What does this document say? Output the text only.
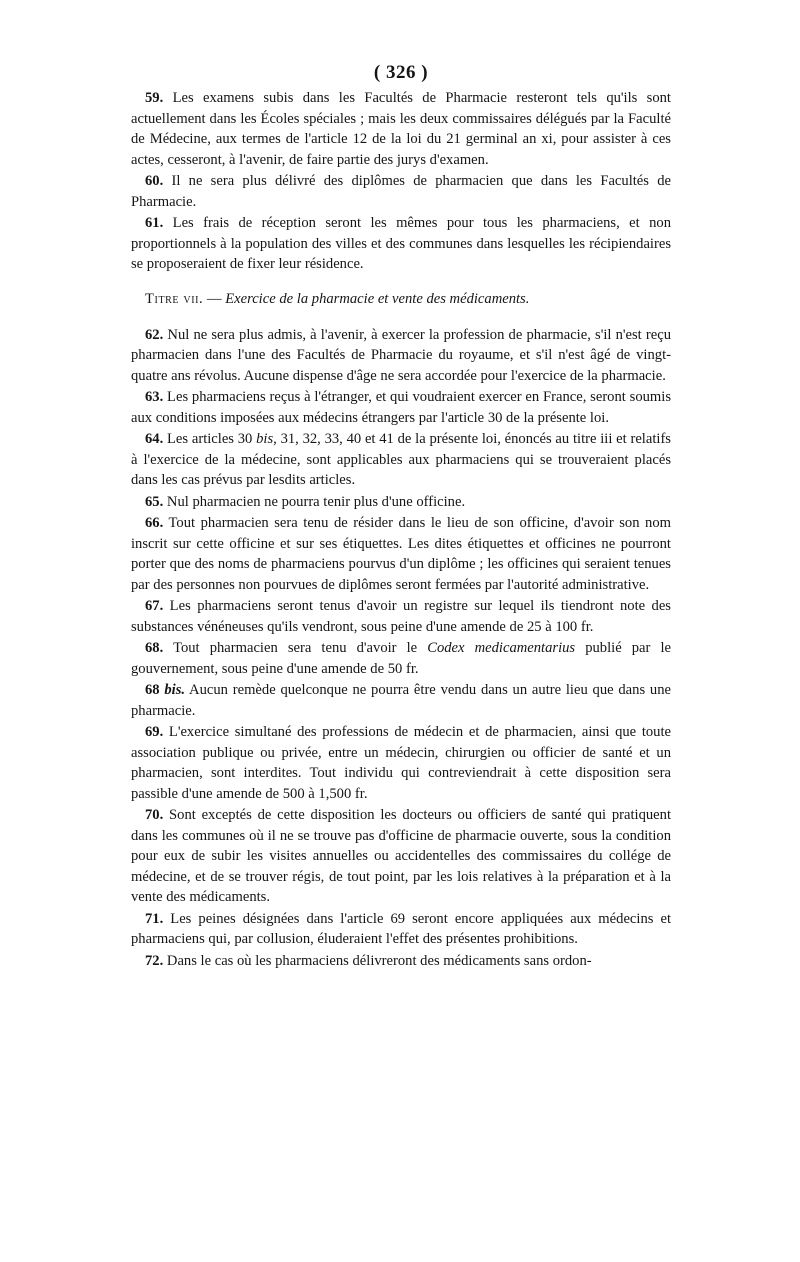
( 326 )

59. Les examens subis dans les Facultés de Pharmacie resteront tels qu'ils sont actuellement dans les Écoles spéciales ; mais les deux commissaires délégués par la Faculté de Médecine, aux termes de l'article 12 de la loi du 21 germinal an xi, pour assister à ces actes, cesseront, à l'avenir, de faire partie des jurys d'examen.

60. Il ne sera plus délivré des diplômes de pharmacien que dans les Facultés de Pharmacie.

61. Les frais de réception seront les mêmes pour tous les pharmaciens, et non proportionnels à la population des villes et des communes dans lesquelles les récipiendaires se proposeraient de fixer leur résidence.

Titre vii. — Exercice de la pharmacie et vente des médicaments.

62. Nul ne sera plus admis, à l'avenir, à exercer la profession de pharmacie, s'il n'est reçu pharmacien dans l'une des Facultés de Pharmacie du royaume, et s'il n'est âgé de vingt-quatre ans révolus. Aucune dispense d'âge ne sera accordée pour l'exercice de la pharmacie.

63. Les pharmaciens reçus à l'étranger, et qui voudraient exercer en France, seront soumis aux conditions imposées aux médecins étrangers par l'article 30 de la présente loi.

64. Les articles 30 bis, 31, 32, 33, 40 et 41 de la présente loi, énoncés au titre iii et relatifs à l'exercice de la médecine, sont applicables aux pharmaciens qui se trouveraient placés dans les cas prévus par lesdits articles.

65. Nul pharmacien ne pourra tenir plus d'une officine.

66. Tout pharmacien sera tenu de résider dans le lieu de son officine, d'avoir son nom inscrit sur cette officine et sur ses étiquettes. Les dites étiquettes et officines ne pourront porter que des noms de pharmaciens pourvus d'un diplôme ; les officines qui seraient tenues par des personnes non pourvues de diplômes seront fermées par l'autorité administrative.

67. Les pharmaciens seront tenus d'avoir un registre sur lequel ils tiendront note des substances vénéneuses qu'ils vendront, sous peine d'une amende de 25 à 100 fr.

68. Tout pharmacien sera tenu d'avoir le Codex medicamentarius publié par le gouvernement, sous peine d'une amende de 50 fr.

68 bis. Aucun remède quelconque ne pourra être vendu dans un autre lieu que dans une pharmacie.

69. L'exercice simultané des professions de médecin et de pharmacien, ainsi que toute association publique ou privée, entre un médecin, chirurgien ou officier de santé et un pharmacien, sont interdites. Tout individu qui contreviendrait à cette disposition sera passible d'une amende de 500 à 1,500 fr.

70. Sont exceptés de cette disposition les docteurs ou officiers de santé qui pratiquent dans les communes où il ne se trouve pas d'officine de pharmacie ouverte, sous la condition pour eux de subir les visites annuelles ou accidentelles des commissaires du collége de médecine, et de se trouver régis, de tout point, par les lois relatives à la préparation et à la vente des médicaments.

71. Les peines désignées dans l'article 69 seront encore appliquées aux médecins et pharmaciens qui, par collusion, éluderaient l'effet des présentes prohibitions.

72. Dans le cas où les pharmaciens délivreront des médicaments sans ordon-
